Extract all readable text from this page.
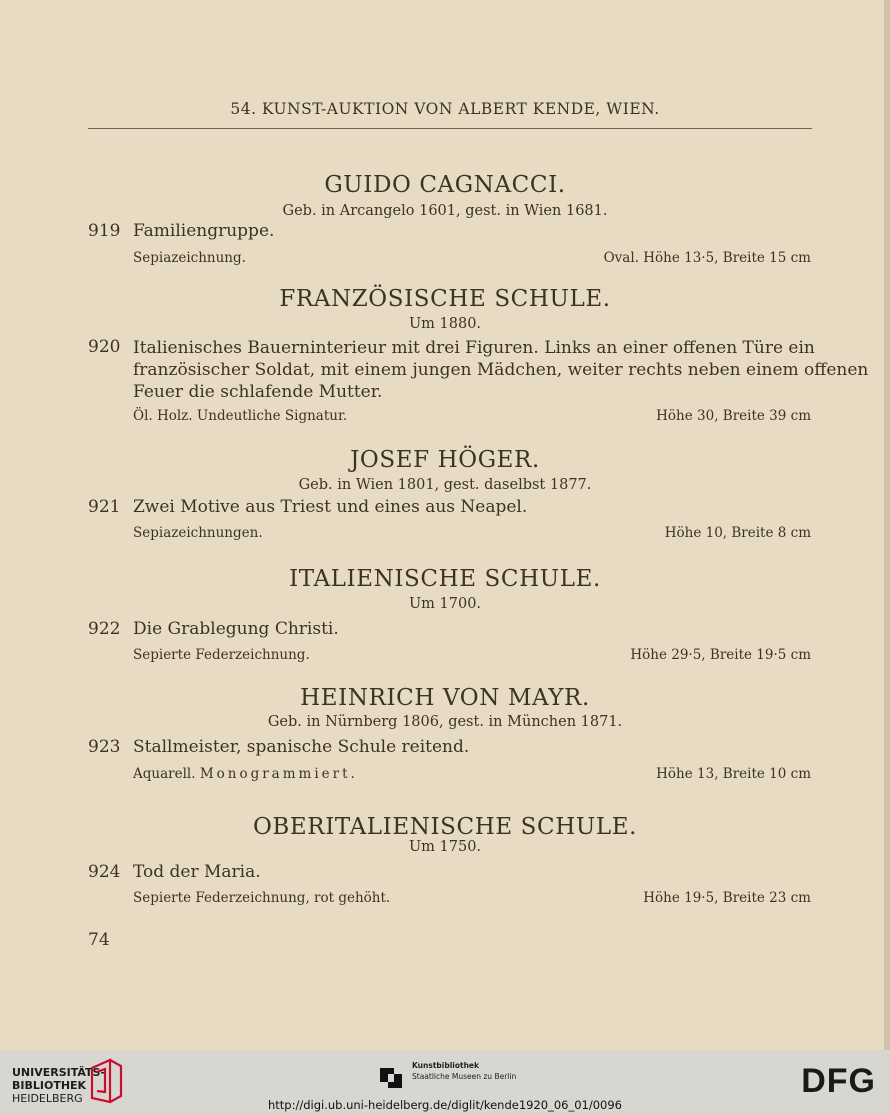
54. KUNST-AUKTION VON ALBERT KENDE, WIEN.
GUIDO CAGNACCI.
Geb. in Arcangelo 1601, gest. in Wien 1681.
919 Familiengruppe.
Sepiazeichnung.	Oval. Höhe 13·5, Breite 15 cm
FRANZÖSISCHE SCHULE.
Um 1880.
920 Italienisches Bauerninterieur mit drei Figuren. Links an einer offenen Türe ein
französischer Soldat, mit einem jungen Mädchen, weiter rechts neben einem offenen
Feuer die schlafende Mutter.
Öl. Holz. Undeutliche Signatur.	Höhe 30, Breite 39 cm
JOSEF HÖGER.
Geb. in Wien 1801, gest. daselbst 1877.
921 Zwei Motive aus Triest und eines aus Neapel.
Sepiazeichnungen.	Höhe 10, Breite 8 cm
ITALIENISCHE SCHULE.
Um 1700.
922 Die Grablegung Christi.
Sepierte Federzeichnung.	Höhe 29·5, Breite 19·5 cm
HEINRICH VON MAYR.
Geb. in Nürnberg 1806, gest. in München 1871.
923 Stallmeister, spanische Schule reitend.
Aquarell. Monogrammiert.	Höhe 13, Breite 10 cm
OBERITALIENISCHE SCHULE.
Um 1750.
924 Tod der Maria.
Sepierte Federzeichnung, rot gehöht.	Höhe 19·5, Breite 23 cm
74
UNIVERSITÄTS-
BIBLIOTHEK
HEIDELBERG
Kunstbibliothek
Staatliche Museen zu Berlin	DFG
http://digi.ub.uni-heidelberg.de/diglit/kende1920_06_01/0096
